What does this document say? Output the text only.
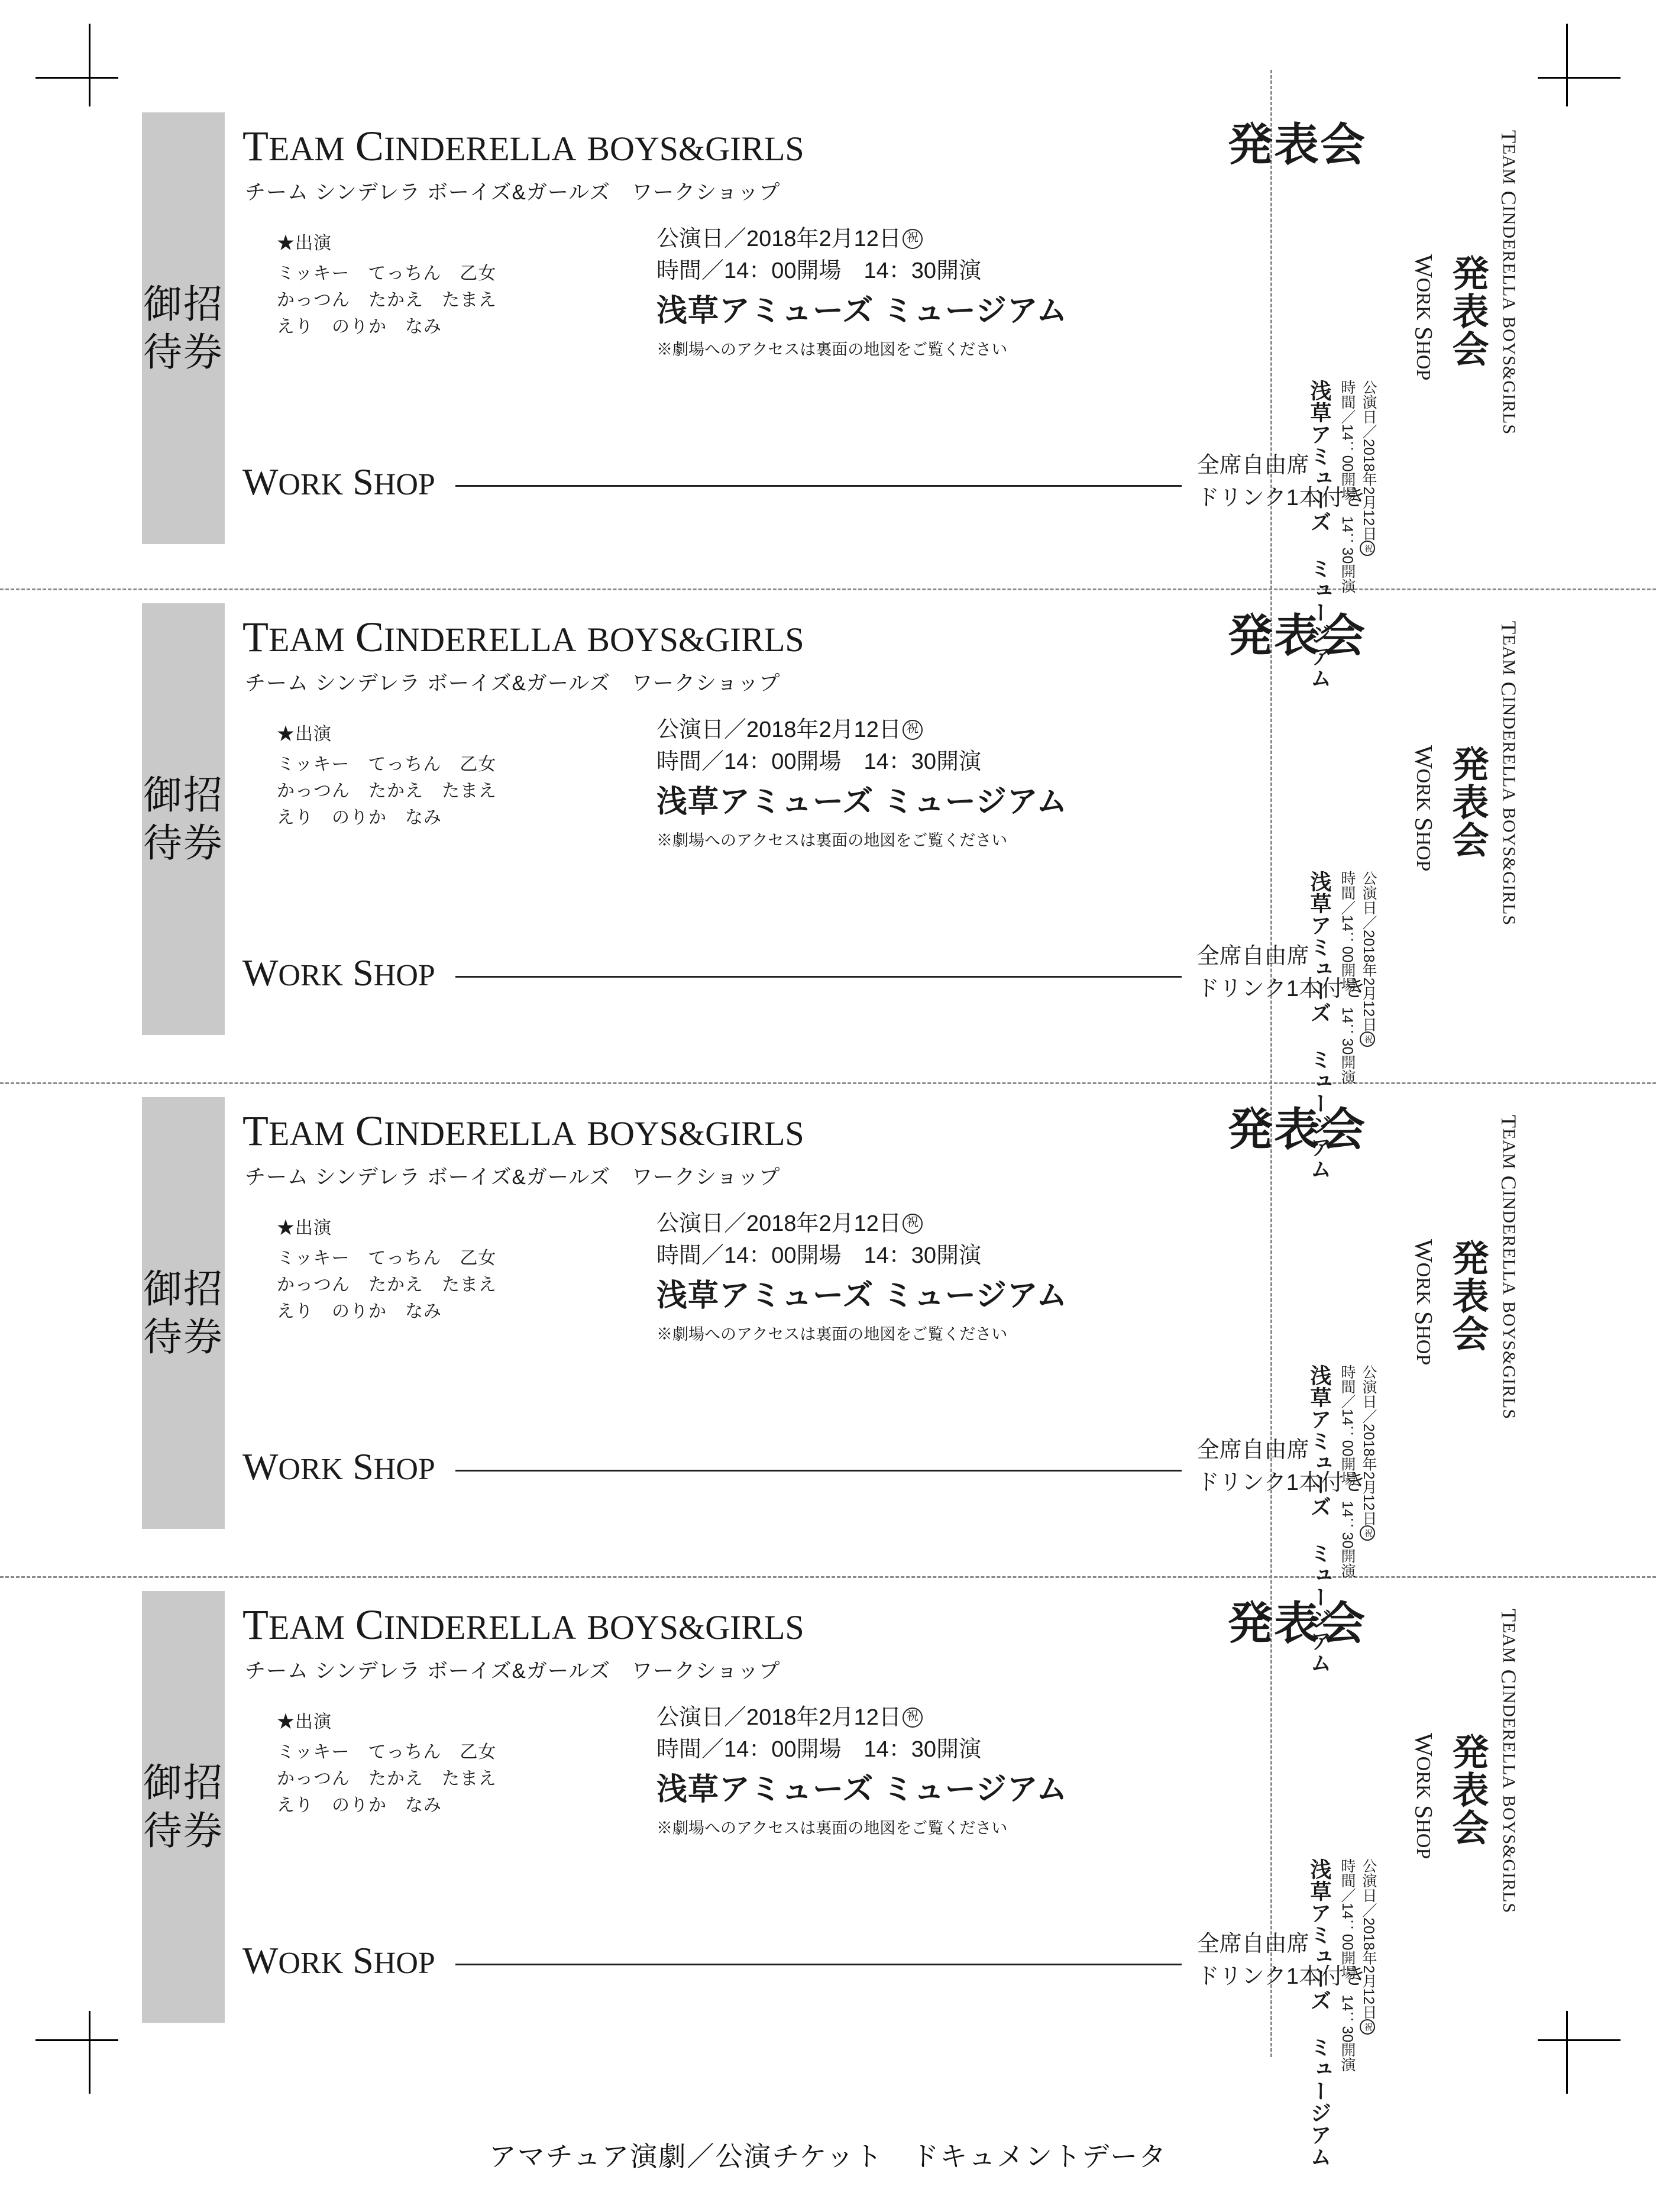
御招待券
TEAM CINDERELLA BOYS&GIRLS	発表会
チーム シンデレラ ボーイズ&ガールズ　ワークショップ
★出演
ミッキー　てっちん　乙女
かっつん　たかえ　たまえ
えり　のりか　なみ
公演日／2018年2月12日 祝
時間／14：00開場　14：30開演
浅草アミューズ ミュージアム
※劇場へのアクセスは裏面の地図をご覧ください
WORK SHOP
全席自由席
ドリンク1本付き
TEAM CINDERELLA BOYS&GIRLS
発表会
WORK SHOP
公演日／2018年2月12日祝
時間／14：00開場　14：30開演
浅草アミューズ ミュージアム
御招待券
TEAM CINDERELLA BOYS&GIRLS	発表会
チーム シンデレラ ボーイズ&ガールズ　ワークショップ
★出演
ミッキー　てっちん　乙女
かっつん　たかえ　たまえ
えり　のりか　なみ
公演日／2018年2月12日 祝
時間／14：00開場　14：30開演
浅草アミューズ ミュージアム
※劇場へのアクセスは裏面の地図をご覧ください
WORK SHOP
全席自由席
ドリンク1本付き
TEAM CINDERELLA BOYS&GIRLS
発表会
WORK SHOP
公演日／2018年2月12日祝
時間／14：00開場　14：30開演
浅草アミューズ ミュージアム
御招待券
TEAM CINDERELLA BOYS&GIRLS	発表会
チーム シンデレラ ボーイズ&ガールズ　ワークショップ
★出演
ミッキー　てっちん　乙女
かっつん　たかえ　たまえ
えり　のりか　なみ
公演日／2018年2月12日 祝
時間／14：00開場　14：30開演
浅草アミューズ ミュージアム
※劇場へのアクセスは裏面の地図をご覧ください
WORK SHOP
全席自由席
ドリンク1本付き
TEAM CINDERELLA BOYS&GIRLS
発表会
WORK SHOP
公演日／2018年2月12日祝
時間／14：00開場　14：30開演
浅草アミューズ ミュージアム
御招待券
TEAM CINDERELLA BOYS&GIRLS	発表会
チーム シンデレラ ボーイズ&ガールズ　ワークショップ
★出演
ミッキー　てっちん　乙女
かっつん　たかえ　たまえ
えり　のりか　なみ
公演日／2018年2月12日 祝
時間／14：00開場　14：30開演
浅草アミューズ ミュージアム
※劇場へのアクセスは裏面の地図をご覧ください
WORK SHOP
全席自由席
ドリンク1本付き
TEAM CINDERELLA BOYS&GIRLS
発表会
WORK SHOP
公演日／2018年2月12日祝
時間／14：00開場　14：30開演
浅草アミューズ ミュージアム
アマチュア演劇／公演チケット　ドキュメントデータ
